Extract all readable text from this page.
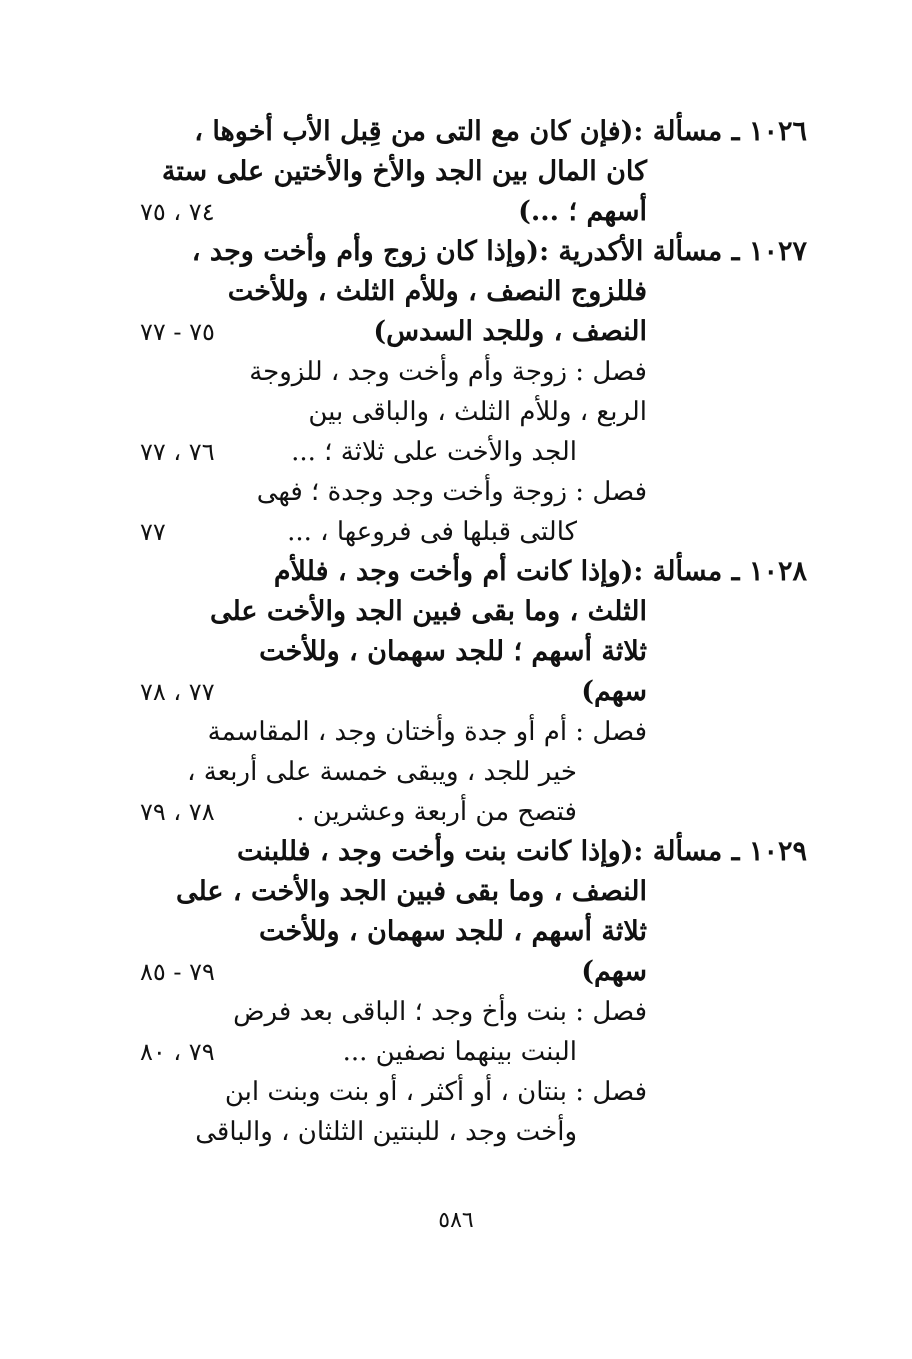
١٠٢٦ ـ مسألة :(فإن كان مع التى من قِبل الأب أخوها ،
كان المال بين الجد والأخ والأختين على ستة
أسهم ؛ ...)
١٠٢٧ ـ مسألة الأكدرية :(وإذا كان زوج وأم وأخت وجد ،
فللزوج النصف ، وللأم الثلث ، وللأخت
النصف ، وللجد السدس)
فصل : زوجة وأم وأخت وجد ، للزوجة
الربع ، وللأم الثلث ، والباقى بين
الجد والأخت على ثلاثة ؛ ...
فصل : زوجة وأخت وجد وجدة ؛ فهى
كالتى قبلها فى فروعها ، ...
١٠٢٨ ـ مسألة :(وإذا كانت أم وأخت وجد ، فللأم
الثلث ، وما بقى فبين الجد والأخت على
ثلاثة أسهم ؛ للجد سهمان ، وللأخت
سهم)
فصل : أم أو جدة وأختان وجد ، المقاسمة
خير للجد ، ويبقى خمسة على أربعة ،
فتصح من أربعة وعشرين .
١٠٢٩ ـ مسألة :(وإذا كانت بنت وأخت وجد ، فللبنت
النصف ، وما بقى فبين الجد والأخت ، على
ثلاثة أسهم ، للجد سهمان ، وللأخت
سهم)
فصل : بنت وأخ وجد ؛ الباقى بعد فرض
البنت بينهما نصفين ...
فصل : بنتان ، أو أكثر ، أو بنت وبنت ابن
وأخت وجد ، للبنتين الثلثان ، والباقى
٧٤ ، ٧٥
٧٥ - ٧٧
٧٦ ، ٧٧
٧٧
٧٧ ، ٧٨
٧٨ ، ٧٩
٧٩ - ٨٥
٧٩ ، ٨٠
٥٨٦
